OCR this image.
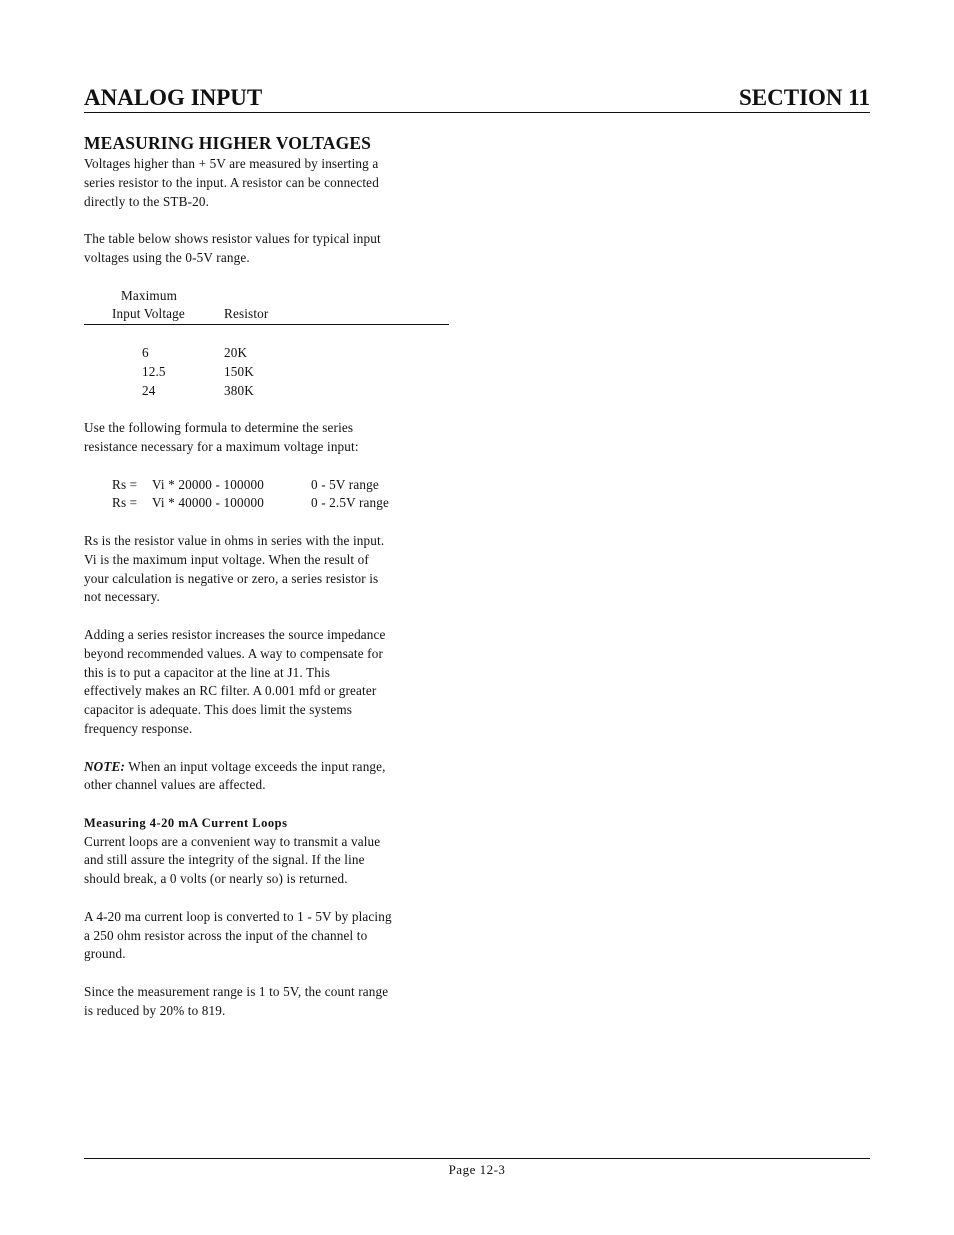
ANALOG INPUT	SECTION 11
MEASURING HIGHER VOLTAGES

Voltages higher than + 5V are measured by inserting a

series resistor to the input. A resistor can be connected

directly to the STB-20.

The table below shows resistor values for typical input

voltages using the 0-5V range.

Maximum
Input Voltage	Resistor
6	20K
12.5	150K
24	380K

Use the following formula to determine the series

resistance necessary for a maximum voltage input:

Rs = Vi * 20000 - 100000	0 - 5V range
Rs = Vi * 40000 - 100000	0 - 2.5V range

Rs is the resistor value in ohms in series with the input.

Vi is the maximum input voltage. When the result of

your calculation is negative or zero, a series resistor is

not necessary.

Adding a series resistor increases the source impedance

beyond recommended values. A way to compensate for

this is to put a capacitor at the line at J1. This

effectively makes an RC filter. A 0.001 mfd or greater

capacitor is adequate. This does limit the systems

frequency response.

NOTE: When an input voltage exceeds the input range,

other channel values are affected.

Measuring 4-20 mA Current Loops

Current loops are a convenient way to transmit a value

and still assure the integrity of the signal. If the line

should break, a 0 volts (or nearly so) is returned.

A 4-20 ma current loop is converted to 1 - 5V by placing

a 250 ohm resistor across the input of the channel to

ground.

Since the measurement range is 1 to 5V, the count range

is reduced by 20% to 819.

Page 12-3
